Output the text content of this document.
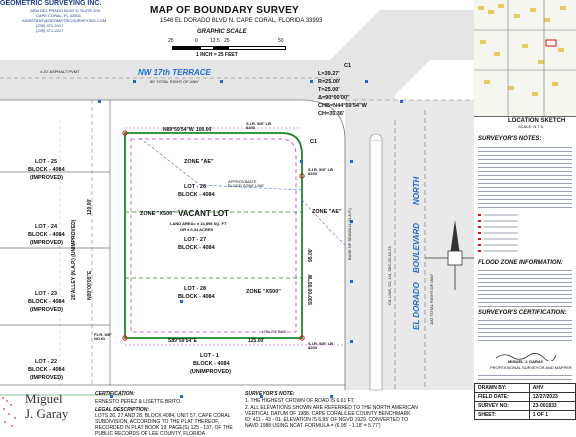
GEOMETRIC SURVEYING INC.
2804 DEL PRADO BLVD S. SUITE 205
CAPE CORAL, FL 33904
ASSISTANT@GEOMETRICSURVEYING.COM
(239) 471-2417
(239) 471-2217
MAP OF BOUNDARY SURVEY
1546 EL DORADO BLVD N. CAPE CORAL, FLORIDA 33993
GRAPHIC SCALE
25	0 12.5 25	50
1 INCH = 25 FEET
NW 17th TERRACE
50' TOTAL RIGHT-OF-WAY
± 20' ASPHALT PVMT
EL DORADO
BOULEVARD
NORTH
100' TOTAL RIGHT-OF-WAY
C/L LINE, S2, 1/4, SEC.32-43-23
20'ALLEY (N.A.P.) (UNIMPROVED)	BASE OF SEAWALL (N.A.P.)
C1
L=39.27'
R=25.00'
T=25.00'
Δ=90°00'00"
CHB=N44°59'54"W
CH=35.36'
N89°59'54"W 100.00'
S89°59'54"E	125.00'
N00°00'05"E
120.00'
S00°00'05"W
95.00'
S.I.R. 5/8" LB 8203
S.I.R. 5/8" LB 8203
S.I.R. 5/8" LB 8203
F.I.R. 5/8" NO.ID
C1
LOT - 26
BLOCK - 4084
VACANT LOT
LAND AREA= ± 14,895 SQ. FT
OR ± 0.34 ACRES
LOT - 27
BLOCK - 4084
LOT - 28
BLOCK - 4084
ZONE "AE"
ZONE "AE"
ZONE "X500"
ZONE "X500"
APPROXIMATE FLOOD ZONE LINE
UTILITY BOX
LOT - 25
BLOCK - 4084
(IMPROVED)
LOT - 24
BLOCK - 4084
(IMPROVED)
LOT - 23
BLOCK - 4084
(IMPROVED)
LOT - 22
BLOCK - 4084
(IMPROVED)
LOT - 1
BLOCK - 4084
(UNIMPROVED)
Miguel
J. Garay
CERTIFICATION:
ERNESTO PEREZ & LISETTE BRITO.
LEGAL DESCRIPTION:
LOTS 26, 27 AND 28, BLOCK 4084, UNIT 57, CAPE CORAL
SUBDIVISION, ACCORDING TO THE PLAT THEREOF,
RECORDED IN PLAT BOOK 19, PAGE(S) 125 - 137, OF THE
PUBLIC RECORDS OF LEE COUNTY, FLORIDA
SURVEYOR'S NOTE:
1. THE HIGHEST CROWN OF ROAD IS 6.61 FT.
2. ALL ELEVATIONS SHOWN ARE REFERRED TO THE NORTH AMERICAN
VERTICAL DATUM OF 1988. CAPE CORAL/LEE COUNTY BENCHMARK
ID: 411 - 43 - 01. ELEVATION IS 6.95' OF NGVD 1929. CONVERTED TO
NAVD 1988 USING NCAT. FORMULA = (6.95' - 1.18' = 5.77')
LOCATION SKETCH
SCALE: N.T.S.
SURVEYOR'S NOTES:
FLOOD ZONE INFORMATION:
SURVEYOR'S CERTIFICATION:
MIGUEL J. GARAY
PROFESSIONAL SURVEYOR AND MAPPER
DRAWN BY:	AHV
FIELD DATE:	12/27/2023
SURVEY NO:	23-001833
SHEET:	1 OF 1
